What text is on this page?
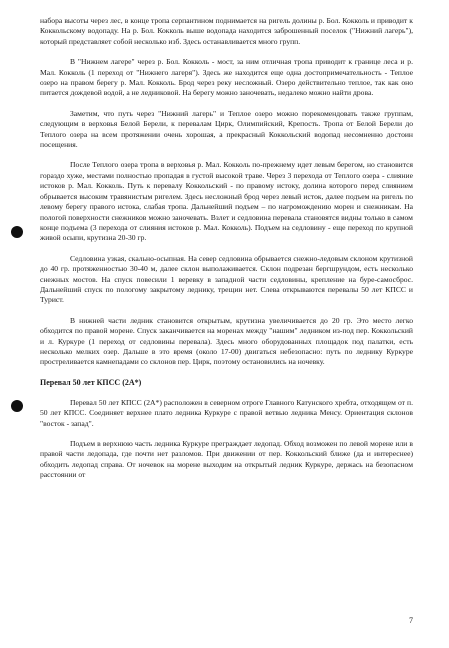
набора высоты через лес, в конце тропа серпантином поднимается на ригель долины р. Бол. Кокколь и приводит к Коккольскому водопаду. На р. Бол. Кокколь выше водопада находится заброшенный поселок ("Нижний лагерь"), который представляет собой несколько изб. Здесь останавливается много групп.

В "Нижнем лагере" через р. Бол. Кокколь - мост, за ним отличная тропа приводит к границе леса и р. Мал. Кокколь (1 переход от "Нижнего лагеря"). Здесь же находится еще одна достопримечательность - Теплое озеро на правом берегу р. Мал. Кокколь. Брод через реку несложный. Озеро действительно теплое, так как оно питается дождевой водой, а не ледниковой. На берегу можно заночевать, недалеко можно найти дрова.

Заметим, что путь через "Нижний лагерь" и Теплое озеро можно порекомендовать также группам, следующим в верховья Белой Берели, к перевалам Цирк, Олимпийский, Крепость. Тропа от Белой Берели до Теплого озера на всем протяжении очень хорошая, а прекрасный Коккольский водопад несомненно достоин посещения.

После Теплого озера тропа в верховья р. Мал. Кокколь по-прежнему идет левым берегом, но становится гораздо хуже, местами полностью пропадая в густой высокой траве. Через 3 перехода от Теплого озера - слияние истоков р. Мал. Кокколь. Путь к перевалу Коккольский - по правому истоку, долина которого перед слиянием обрывается высоким травянистым ригелем. Здесь несложный брод через левый исток, далее подъем на ригель по левому берегу правого истока, слабая тропа. Дальнейший подъем – по нагромождению морен и снежникам. На пологой поверхности снежников можно заночевать. Взлет и седловина перевала становятся видны только в самом конце подъема (3 перехода от слияния истоков р. Мал. Кокколь). Подъем на седловину - еще переход по крупной живой осыпи, крутизна 20-30 гр.

Седловина узкая, скально-осыпная. На север седловина обрывается снежно-ледовым склоном крутизной до 40 гр. протяженностью 30-40 м, далее склон выполаживается. Склон подрезан бергшрундом, есть несколько снежных мостов. На спуск повесили 1 веревку в западной части седловины, крепление на буре-самосброс. Дальнейший спуск по пологому закрытому леднику, трещин нет. Слева открываются перевалы 50 лет КПСС и Турист.

В нижней части ледник становится открытым, крутизна увеличивается до 20 гр. Это место легко обходится по правой морене. Спуск заканчивается на моренах между "нашим" ледником из-под пер. Коккольский и л. Куркуре (1 переход от седловины перевала). Здесь много оборудованных площадок под палатки, есть несколько мелких озер. Дальше в это время (около 17-00) двигаться небезопасно: путь по леднику Куркуре простреливается камнепадами со склонов пер. Цирк, поэтому остановились на ночевку.

Перевал 50 лет КПСС (2А*)

Перевал 50 лет КПСС (2А*) расположен в северном отроге Главного Катунского хребта, отходящем от п. 50 лет КПСС. Соединяет верхнее плато ледника Куркуре с правой ветвью ледника Менсу. Ориентация склонов "восток - запад".

Подъем в верхнюю часть ледника Куркуре преграждает ледопад. Обход возможен по левой морене или в правой части ледопада, где почти нет разломов. При движении от пер. Коккольский ближе (да и интереснее) обходить ледопад справа. От ночевок на морене выходим на открытый ледник Куркуре, держась на безопасном расстоянии от

7
